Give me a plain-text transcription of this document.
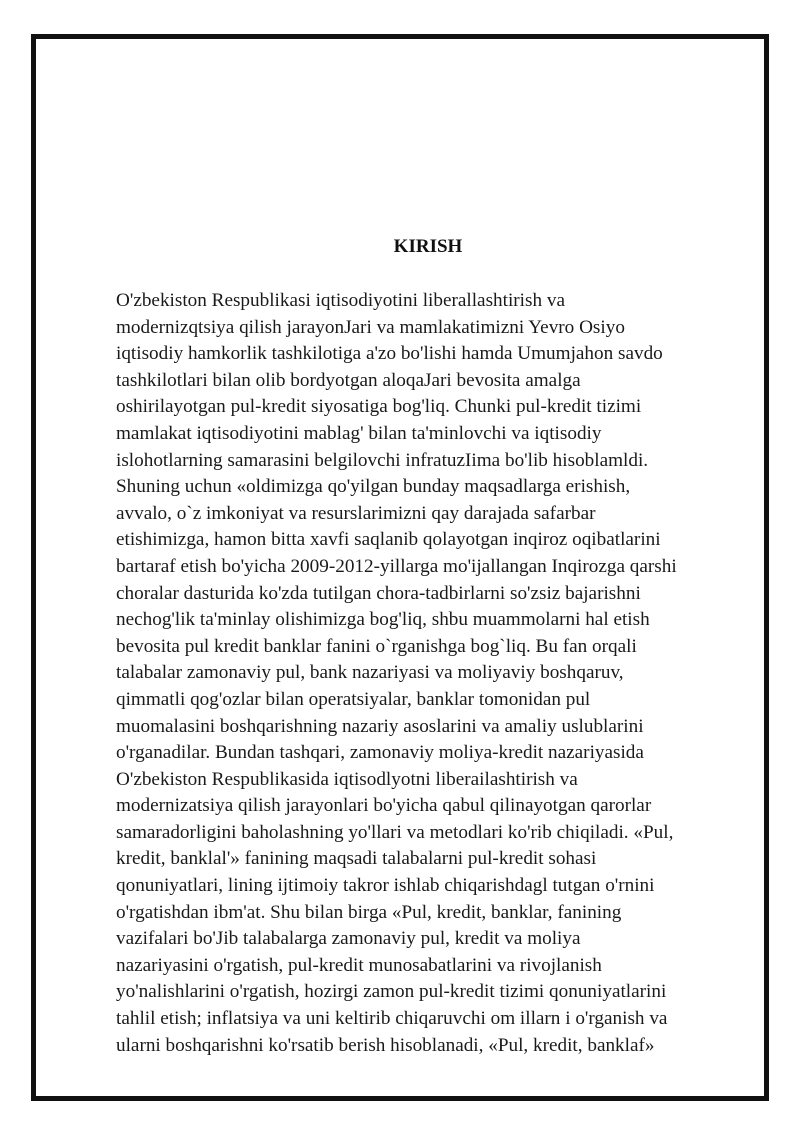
KIRISH
O'zbekiston Respublikasi iqtisodiyotini liberallashtirish va
modernizqtsiya qilish jarayonJari va mamlakatimizni Yevro Osiyo
iqtisodiy hamkorlik tashkilotiga a'zo bo'lishi hamda Umumjahon savdo
tashkilotlari bilan olib bordyotgan aloqaJari bevosita amalga
oshirilayotgan pul-kredit siyosatiga bog'liq. Chunki pul-kredit tizimi
mamlakat iqtisodiyotini mablag' bilan ta'minlovchi va iqtisodiy
islohotlarning samarasini belgilovchi infratuzIima bo'lib hisoblamldi.
Shuning uchun «oldimizga qo'yilgan bunday maqsadlarga erishish,
avvalo, o`z imkoniyat va resurslarimizni qay darajada safarbar
etishimizga, hamon bitta xavfi saqlanib qolayotgan inqiroz oqibatlarini
bartaraf etish bo'yicha 2009-2012-yillarga mo'ijallangan Inqirozga qarshi
choralar dasturida ko'zda tutilgan chora-tadbirlarni so'zsiz bajarishni
nechog'lik ta'minlay olishimizga bog'liq, shbu muammolarni hal etish
bevosita pul kredit banklar fanini o`rganishga bog`liq. Bu fan orqali
talabalar zamonaviy pul, bank nazariyasi va moliyaviy boshqaruv,
qimmatli qog'ozlar bilan operatsiyalar, banklar tomonidan pul
muomalasini boshqarishning nazariy asoslarini va amaliy uslublarini
o'rganadilar. Bundan tashqari, zamonaviy moliya-kredit nazariyasida
O'zbekiston Respublikasida iqtisodlyotni liberailashtirish va
modernizatsiya qilish jarayonlari bo'yicha qabul qilinayotgan qarorlar
samaradorligini baholashning yo'llari va metodlari ko'rib chiqiladi. «Pul,
kredit, banklal'» fanining maqsadi talabalarni pul-kredit sohasi
qonuniyatlari, lining ijtimoiy takror ishlab chiqarishdagl tutgan o'rnini
o'rgatishdan ibm'at. Shu bilan birga «Pul, kredit, banklar, fanining
vazifalari bo'Jib talabalarga zamonaviy pul, kredit va moliya
nazariyasini o'rgatish, pul-kredit munosabatlarini va rivojlanish
yo'nalishlarini o'rgatish, hozirgi zamon pul-kredit tizimi qonuniyatlarini
tahlil etish; inflatsiya va uni keltirib chiqaruvchi om illarn i o'rganish va
ularni boshqarishni ko'rsatib berish hisoblanadi, «Pul, kredit, banklaf»
